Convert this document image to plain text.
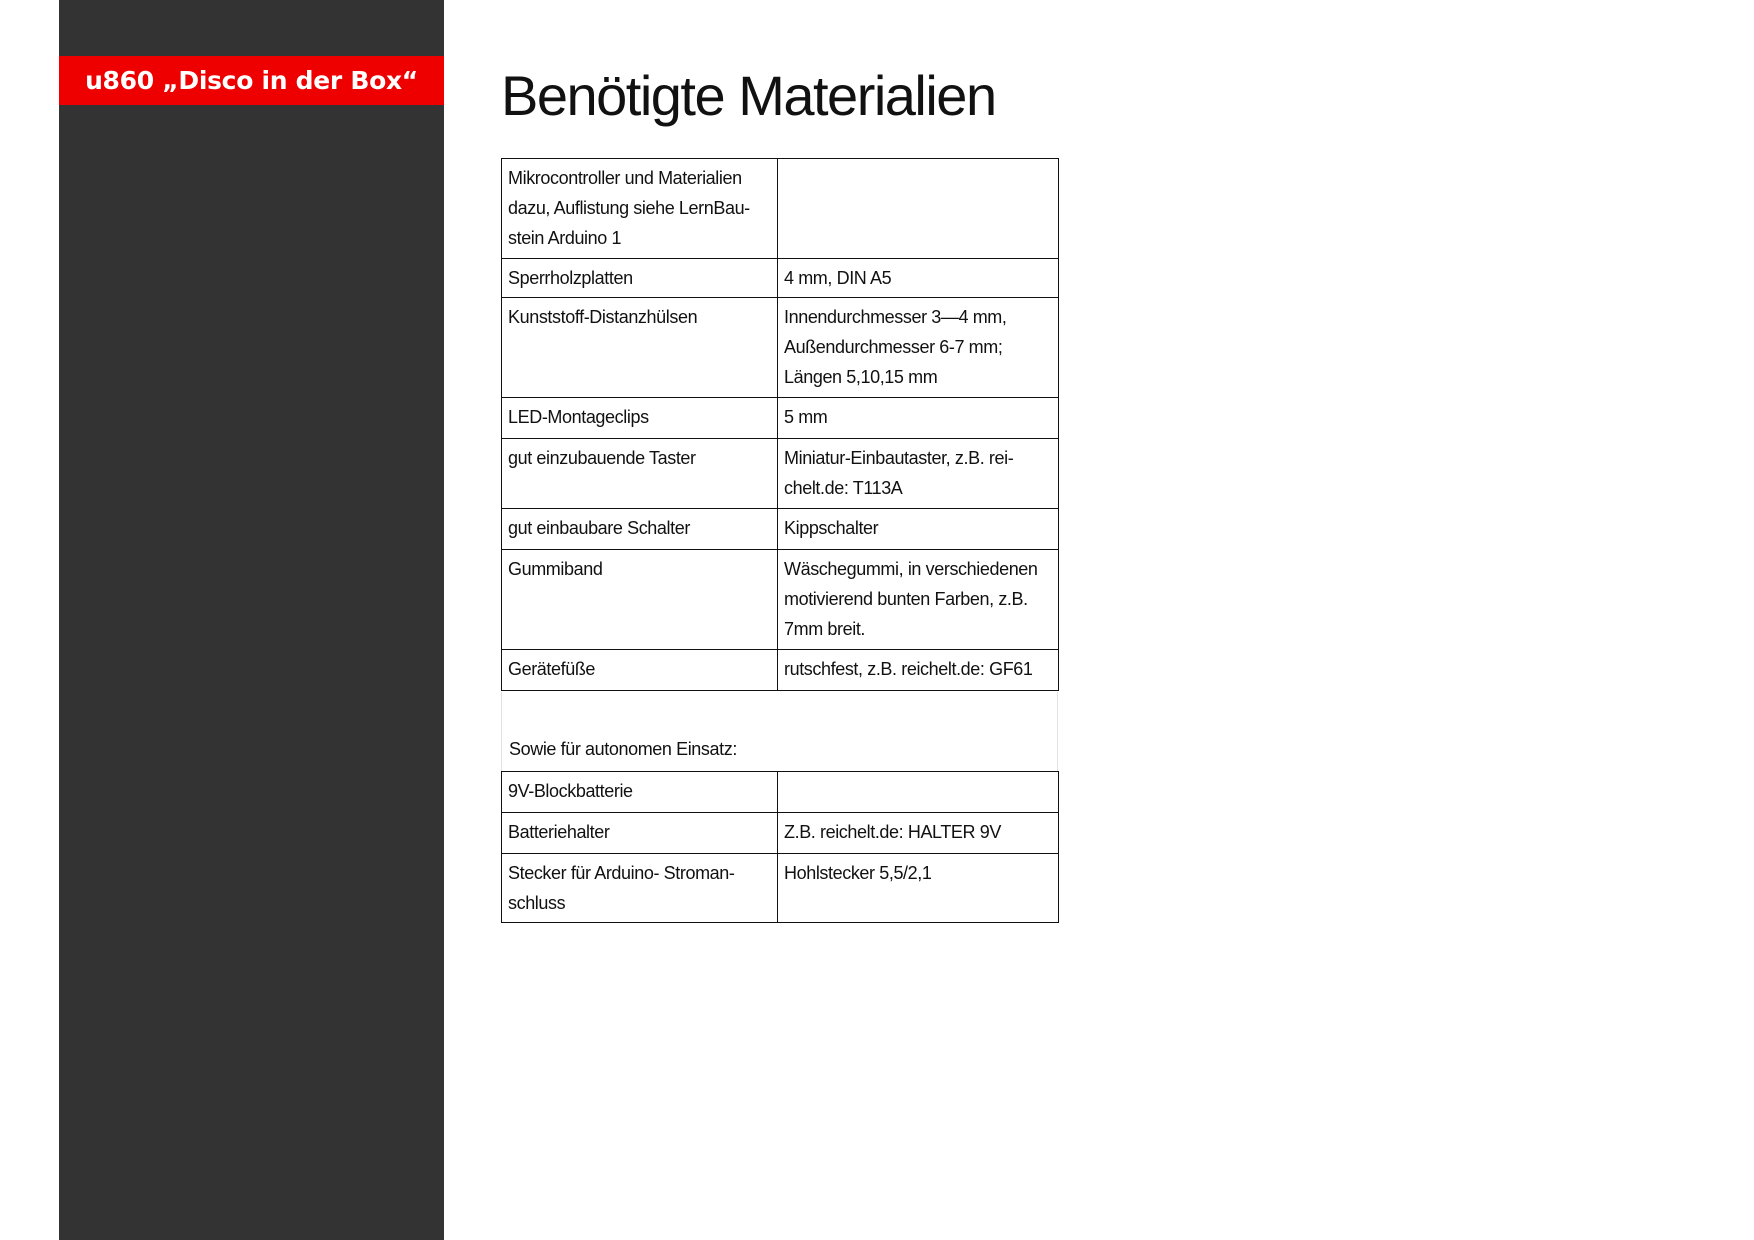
u860 „Disco in der Box“	Benötigte Materialien
Mikrocontroller und Materialien dazu, Auflistung siehe LernBau-stein Arduino 1	
Sperrholzplatten	4 mm, DIN A5
Kunststoff-Distanzhülsen	Innendurchmesser 3—4 mm, Außendurchmesser 6-7 mm; Längen 5,10,15 mm
LED-Montageclips	5 mm
gut einzubauende Taster	Miniatur-Einbautaster, z.B. rei-chelt.de: T113A
gut einbaubare Schalter	Kippschalter
Gummiband	Wäschegummi, in verschiedenen motivierend bunten Farben, z.B. 7mm breit.
Gerätefüße	rutschfest, z.B. reichelt.de: GF61
Sowie für autonomen Einsatz:
9V-Blockbatterie	
Batteriehalter	Z.B. reichelt.de: HALTER 9V
Stecker für Arduino- Stroman-schluss	Hohlstecker 5,5/2,1
